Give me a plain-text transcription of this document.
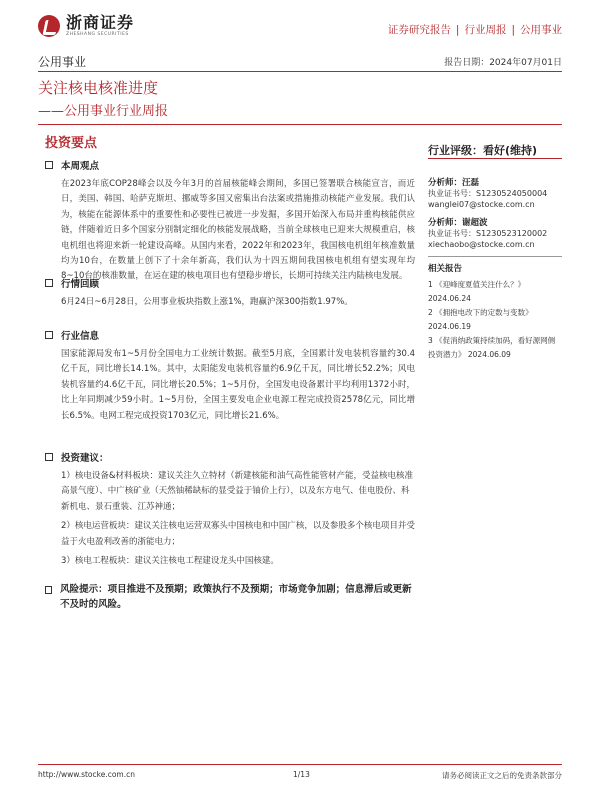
浙商证券
ZHESHANG SECURITIES	证券研究报告 | 行业周报 | 公用事业
公用事业	报告日期：2024年07月01日
关注核电核准进度
——公用事业行业周报
投资要点
本周观点

在2023年底COP28峰会以及今年3月的首届核能峰会期间，多国已签署联合核能宣言，而近日，美国、韩国、哈萨克斯坦、挪威等多国又密集出台法案或措施推动核能产业发展。我们认为，核能在能源体系中的重要性和必要性已被进一步发掘，多国开始深入布局并重构核能供应链，伴随着近日多个国家分别制定细化的核能发展战略，当前全球核电已迎来大规模重启，核电机组也将迎来新一轮建设高峰。从国内来看，2022年和2023年，我国核电机组年核准数量均为10台，在数量上创下了十余年新高，我们认为十四五期间我国核电机组有望实现年均8~10台的核准数量，在运在建的核电项目也有望稳步增长，长期可持续关注内陆核电发展。

行情回顾

6月24日~6月28日，公用事业板块指数上涨1%，跑赢沪深300指数1.97%。

行业信息

国家能源局发布1~5月份全国电力工业统计数据。截至5月底，全国累计发电装机容量约30.4亿千瓦，同比增长14.1%。其中，太阳能发电装机容量约6.9亿千瓦，同比增长52.2%；风电装机容量约4.6亿千瓦，同比增长20.5%；1~5月份，全国发电设备累计平均利用1372小时，比上年同期减少59小时。1~5月份，全国主要发电企业电源工程完成投资2578亿元，同比增长6.5%。电网工程完成投资1703亿元，同比增长21.6%。

投资建议：
1）核电设备&材料板块：建议关注久立特材（新建核能和油气高性能管材产能，受益核电核准高景气度）、中广核矿业（天然铀稀缺标的显受益于铀价上行），以及东方电气、佳电股份、科新机电、景石重装、江苏神通；
2）核电运营板块：建议关注核电运营双寡头中国核电和中国广核，以及参股多个核电项目并受益于火电盈利改善的浙能电力；
3）核电工程板块：建议关注核电工程建设龙头中国核建。
风险提示：项目推进不及预期；政策执行不及预期；市场竞争加剧；信息滞后或更新不及时的风险。
行业评级：看好(维持)
分析师：汪磊
执业证书号：S1230524050004
wanglei07@stocke.com.cn
分析师：谢超波
执业证书号：S1230523120002
xiechaobo@stocke.com.cn
相关报告
1 《迎峰度夏值关注什么？》 2024.06.24
2 《拥抱电改下的定数与变数》 2024.06.19
3 《促消纳政策持续加码，看好源网侧投资潜力》 2024.06.09
http://www.stocke.com.cn	1/13	请务必阅读正文之后的免责条款部分
